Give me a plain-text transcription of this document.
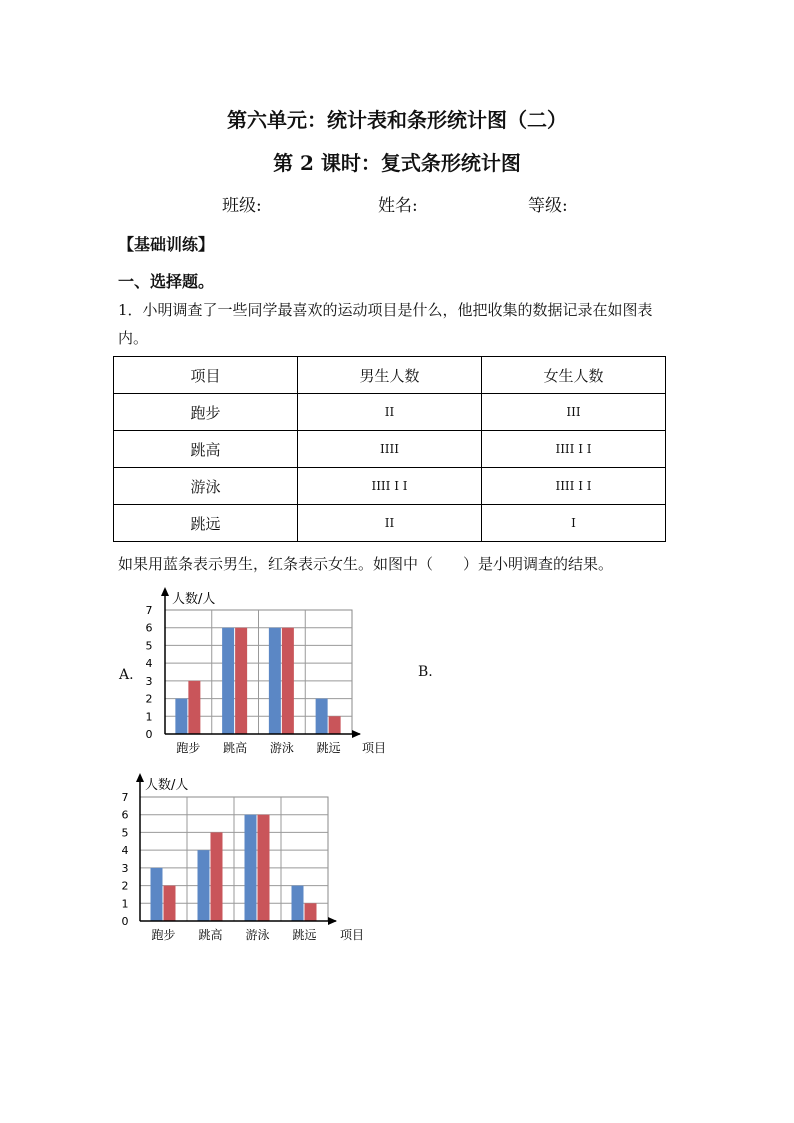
第六单元：统计表和条形统计图（二）
第 2 课时：复式条形统计图
班级:	姓名:	等级:
【基础训练】
一、选择题。
1．小明调查了一些同学最喜欢的运动项目是什么，他把收集的数据记录在如图表内。
项目	男生人数	女生人数
跑步	II	III
跳高	IIII	IIII I I
游泳	IIII I I	IIII I I
跳远	II	I
如果用蓝条表示男生，红条表示女生。如图中（　　）是小明调查的结果。
A.	B.
0
1
2
3
4
5
6
7
跑步 跳高 游泳 跳远
人数/人
项目
0
1
2
3
4
5
6
7
跑步 跳高 游泳 跳远
人数/人
项目
